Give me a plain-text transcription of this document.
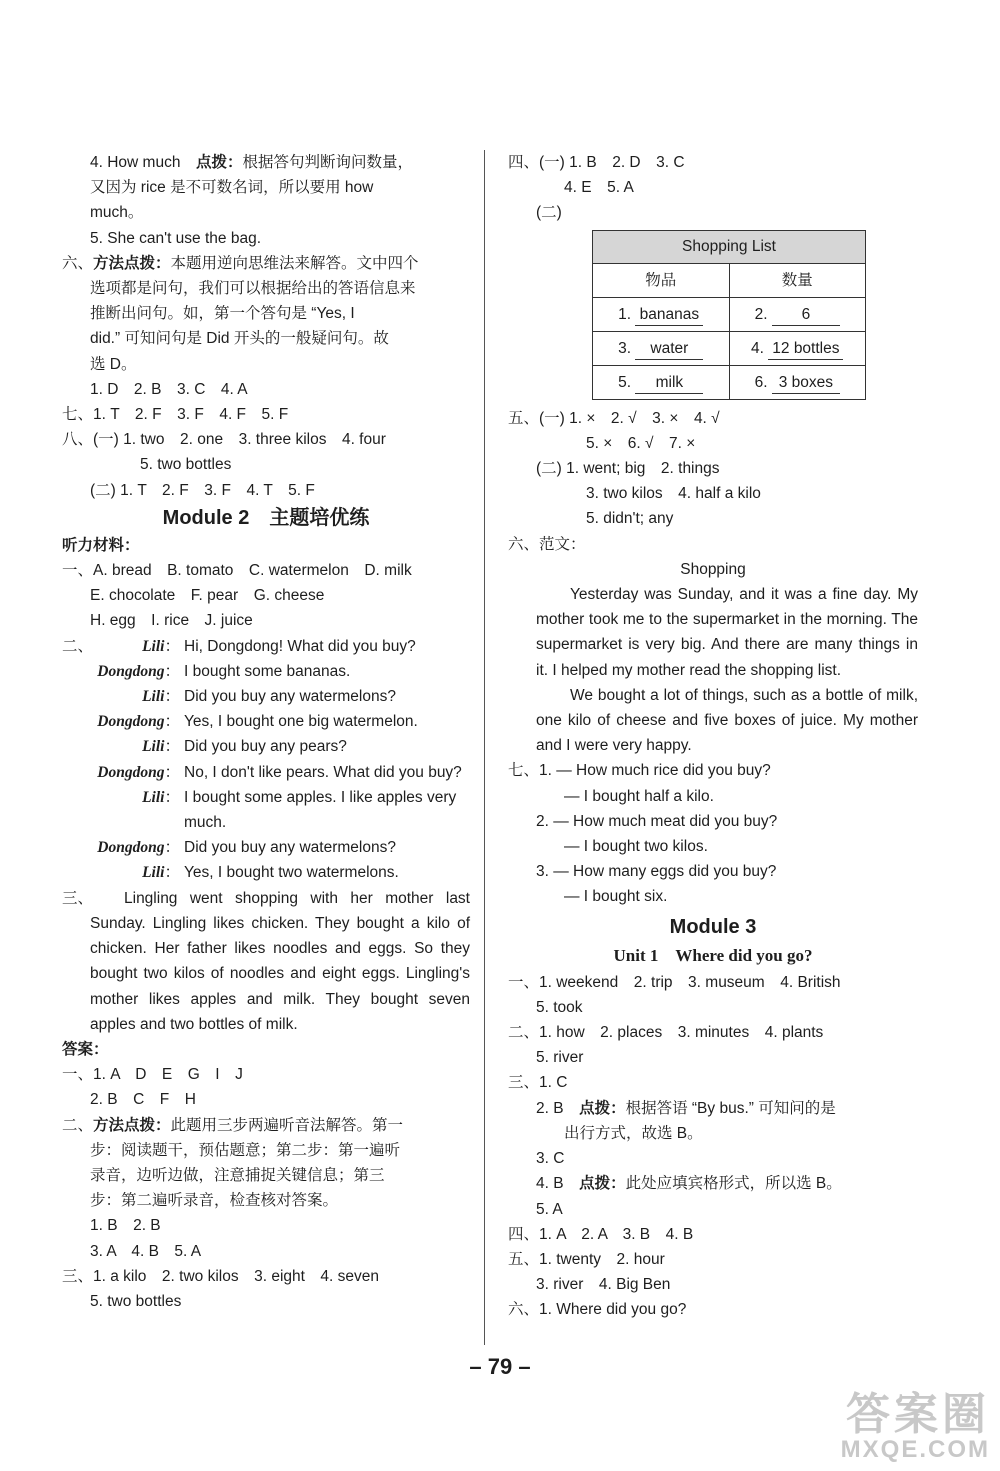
4. How much　点拨：根据答句判断询问数量，
又因为 rice 是不可数名词，所以要用 how
much。
5. She can't use the bag.
六、方法点拨：本题用逆向思维法来解答。文中四个
选项都是问句，我们可以根据给出的答语信息来
推断出问句。如，第一个答句是 “Yes, I
did.” 可知问句是 Did 开头的一般疑问句。故
选 D。
1. D　2. B　3. C　4. A
七、1. T　2. F　3. F　4. F　5. F
八、(一) 1. two　2. one　3. three kilos　4. four
5. two bottles
(二) 1. T　2. F　3. F　4. T　5. F
Module 2　主题培优练
听力材料：
一、A. bread　B. tomato　C. watermelon　D. milk
E. chocolate　F. pear　G. cheese
H. egg　I. rice　J. juice
二、	Lili ：	Hi, Dongdong! What did you buy?
Dongdong ：	I bought some bananas.
Lili ：	Did you buy any watermelons?
Dongdong ：	Yes, I bought one big watermelon.
Lili ：	Did you buy any pears?
Dongdong ：	No, I don't like pears. What did you buy?
Lili ：	I bought some apples. I like apples very much.
Dongdong ：	Did you buy any watermelons?
Lili ：	Yes, I bought two watermelons.
三、	Lingling went shopping with her mother last Sunday. Lingling likes chicken. They bought a kilo of chicken. Her father likes noodles and eggs. So they bought two kilos of noodles and eight eggs. Lingling's mother likes apples and milk. They bought seven apples and two bottles of milk.
答案：
一、1. A　D　E　G　I　J
2. B　C　F　H
二、方法点拨：此题用三步两遍听音法解答。第一
步：阅读题干，预估题意；第二步：第一遍听
录音，边听边做，注意捕捉关键信息；第三
步：第二遍听录音，检查核对答案。
1. B　2. B
3. A　4. B　5. A
三、1. a kilo　2. two kilos　3. eight　4. seven
5. two bottles
四、(一) 1. B　2. D　3. C
4. E　5. A
(二)
Shopping List
物品	数量
1. bananas	2. 6
3. water	4. 12 bottles
5. milk	6. 3 boxes
五、(一) 1. ×　2. √　3. ×　4. √
5. ×　6. √　7. ×
(二) 1. went; big　2. things
3. two kilos　4. half a kilo
5. didn't; any
六、范文：
Shopping
Yesterday was Sunday, and it was a fine day. My mother took me to the supermarket in the morning. The supermarket is very big. And there are many things in it. I helped my mother read the shopping list.
We bought a lot of things, such as a bottle of milk, one kilo of cheese and five boxes of juice. My mother and I were very happy.
七、1. — How much rice did you buy?
— I bought half a kilo.
2. — How much meat did you buy?
— I bought two kilos.
3. — How many eggs did you buy?
— I bought six.
Module 3
Unit 1　Where did you go?
一、1. weekend　2. trip　3. museum　4. British
5. took
二、1. how　2. places　3. minutes　4. plants
5. river
三、1. C
2. B　点拨：根据答语 “By bus.” 可知问的是
出行方式，故选 B。
3. C
4. B　点拨：此处应填宾格形式，所以选 B。
5. A
四、1. A　2. A　3. B　4. B
五、1. twenty　2. hour
3. river　4. Big Ben
六、1. Where did you go?
– 79 –
答案圈
MXQE.COM
